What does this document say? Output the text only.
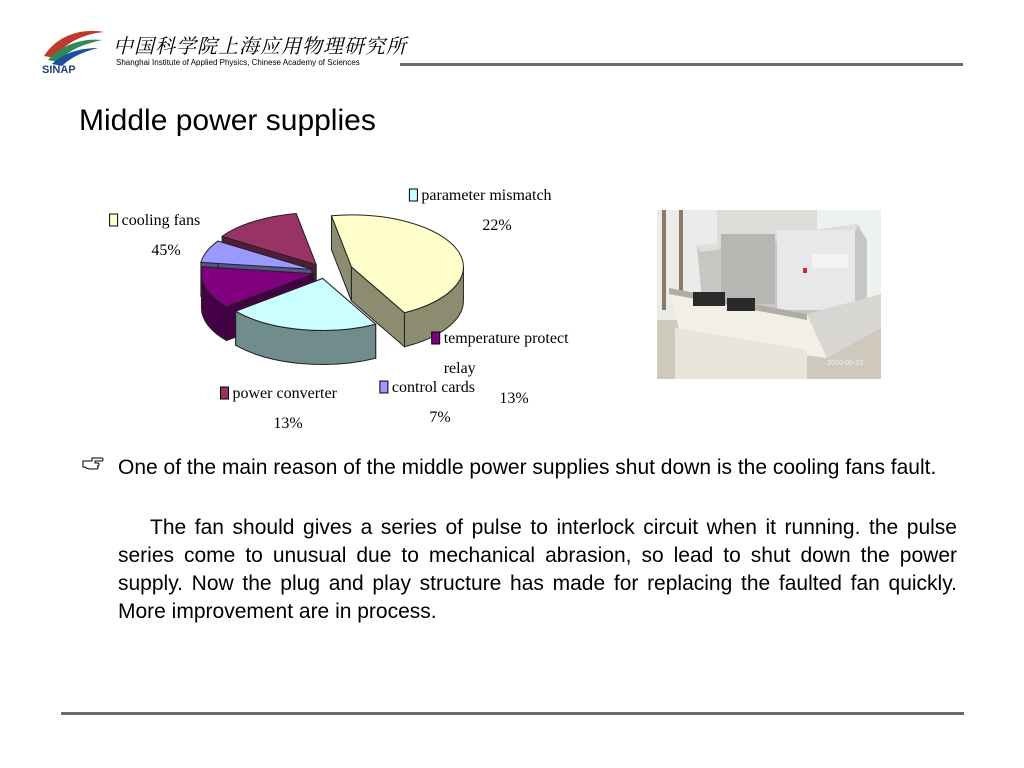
SINAP
中国科学院上海应用物理研究所
Shanghai Institute of Applied Physics, Chinese Academy of Sciences
Middle power supplies
cooling fans
45%
parameter mismatch
22%
temperature protect
relay
13%
control cards
7%
power converter
13%
2010-06-23
One of the main reason of the middle power supplies shut down is the cooling fans fault.
The fan should gives a series of pulse to interlock circuit when it running. the pulse series come to unusual due to mechanical abrasion, so lead to shut down the power supply. Now the plug and play structure has made for replacing the faulted fan quickly. More improvement are in process.
